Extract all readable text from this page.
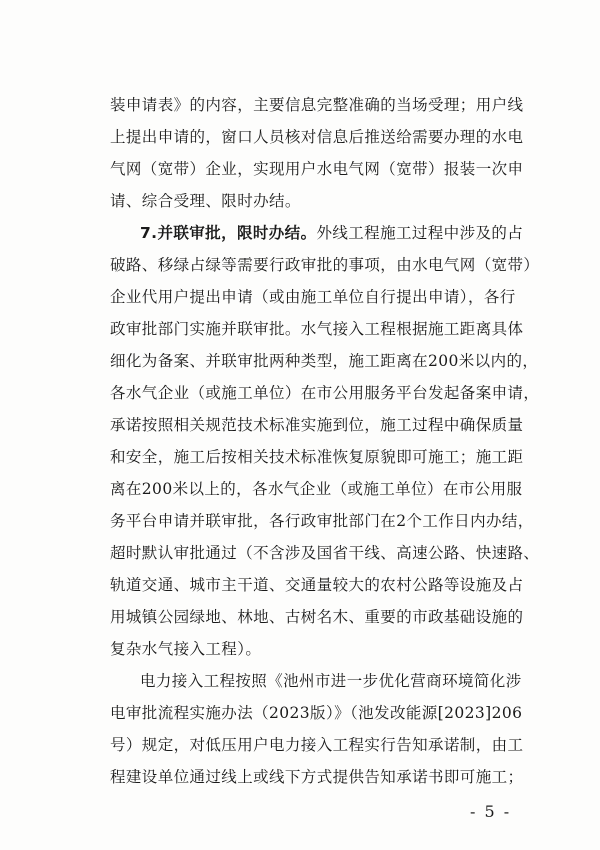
装申请表》的内容，主要信息完整准确的当场受理；用户线
上提出申请的，窗口人员核对信息后推送给需要办理的水电
气网（宽带）企业，实现用户水电气网（宽带）报装一次申
请、综合受理、限时办结。
7.并联审批，限时办结。外线工程施工过程中涉及的占
破路、移绿占绿等需要行政审批的事项，由水电气网（宽带）
企业代用户提出申请（或由施工单位自行提出申请），各行
政审批部门实施并联审批。水气接入工程根据施工距离具体
细化为备案、并联审批两种类型，施工距离在200米以内的，
各水气企业（或施工单位）在市公用服务平台发起备案申请，
承诺按照相关规范技术标准实施到位，施工过程中确保质量
和安全，施工后按相关技术标准恢复原貌即可施工；施工距
离在200米以上的，各水气企业（或施工单位）在市公用服
务平台申请并联审批，各行政审批部门在2个工作日内办结，
超时默认审批通过（不含涉及国省干线、高速公路、快速路、
轨道交通、城市主干道、交通量较大的农村公路等设施及占
用城镇公园绿地、林地、古树名木、重要的市政基础设施的
复杂水气接入工程）。
电力接入工程按照《池州市进一步优化营商环境简化涉
电审批流程实施办法（2023版）》（池发改能源[2023]206
号）规定，对低压用户电力接入工程实行告知承诺制，由工
程建设单位通过线上或线下方式提供告知承诺书即可施工；
- 5 -
